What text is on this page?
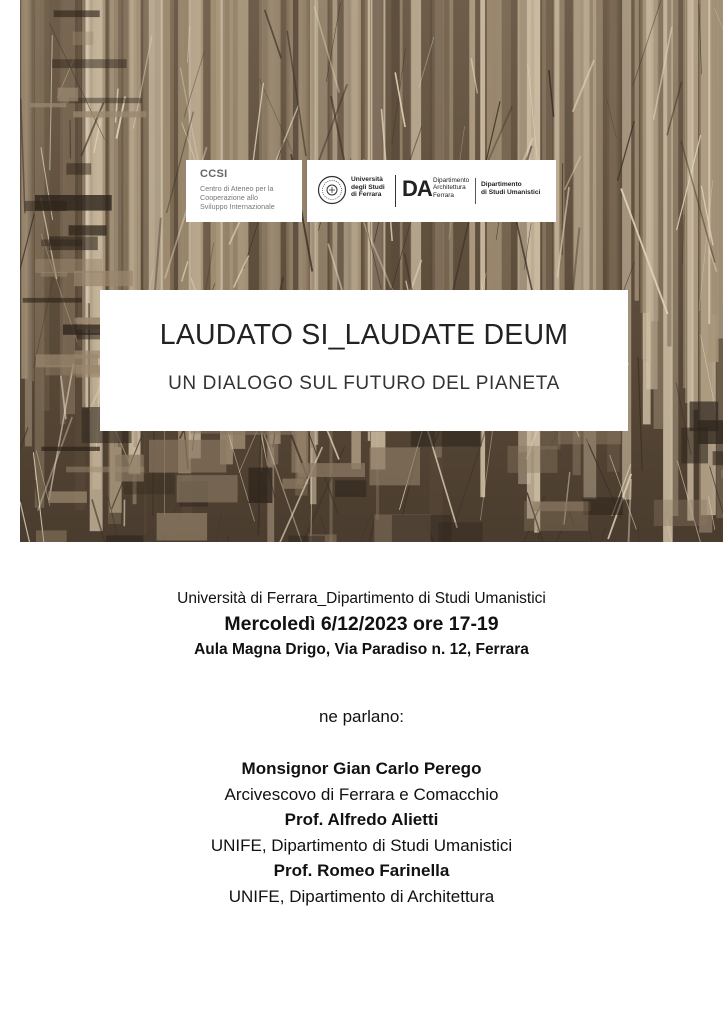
CCSI
Centro di Ateneo per la
Cooperazione allo
Sviluppo Internazionale
Università
degli Studi
di Ferrara DA Dipartimento
Architettura
Ferrara
Dipartimento
di Studi Umanistici
LAUDATO SI_LAUDATE DEUM
UN DIALOGO SUL FUTURO DEL PIANETA
Università di Ferrara_Dipartimento di Studi Umanistici
Mercoledì 6/12/2023 ore 17-19
Aula Magna Drigo, Via Paradiso n. 12, Ferrara
ne parlano:
Monsignor Gian Carlo Perego
Arcivescovo di Ferrara e Comacchio
Prof. Alfredo Alietti
UNIFE, Dipartimento di Studi Umanistici
Prof. Romeo Farinella
UNIFE, Dipartimento di Architettura
